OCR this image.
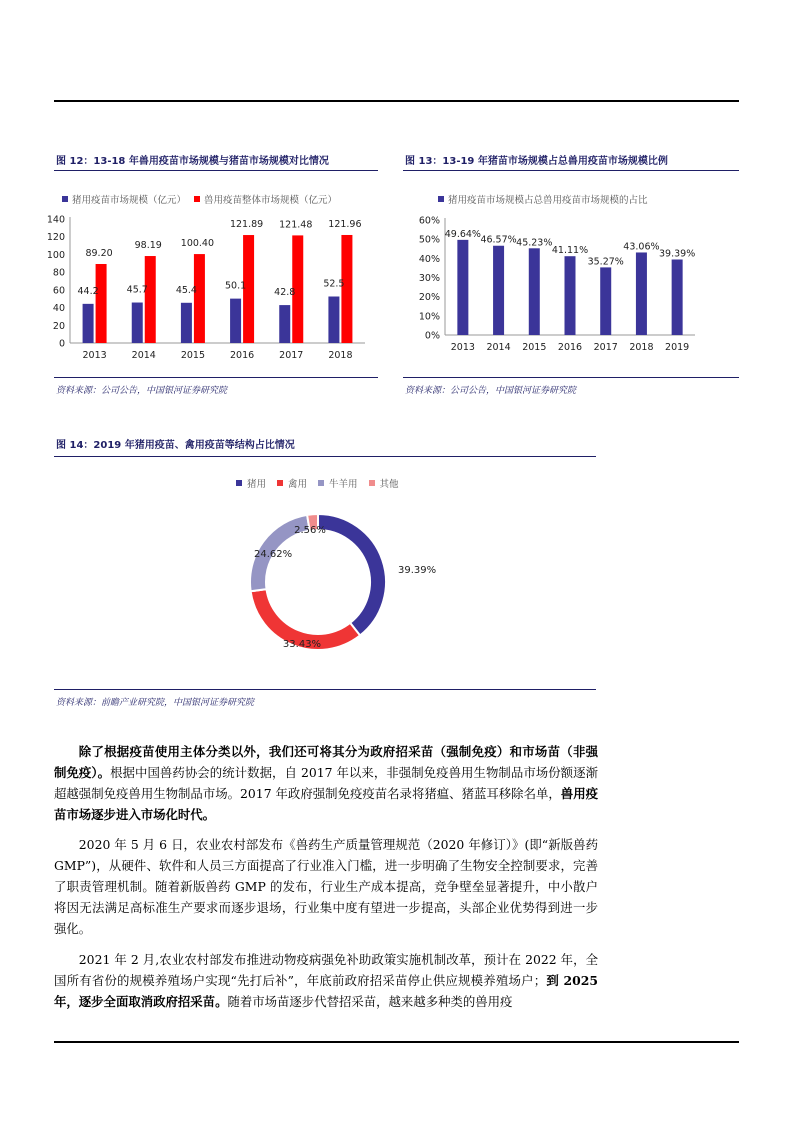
图 12：13-18 年兽用疫苗市场规模与猪苗市场规模对比情况
猪用疫苗市场规模（亿元） 兽用疫苗整体市场规模（亿元）
0
20
40
60
80
100
120
140
2013
44.2
89.20
2014
45.7
98.19
2015
45.4
100.40
2016
50.1
121.89
2017
42.8
121.48
2018
52.5
121.96
资料来源：公司公告，中国银河证券研究院
图 13：13-19 年猪苗市场规模占总兽用疫苗市场规模比例
猪用疫苗市场规模占总兽用疫苗市场规模的占比
0%
10%
20%
30%
40%
50%
60%
49.64%
2013
46.57%
2014
45.23%
2015
41.11%
2016
35.27%
2017
43.06%
2018
39.39%
2019
资料来源：公司公告，中国银河证券研究院
图 14：2019 年猪用疫苗、禽用疫苗等结构占比情况
猪用 禽用 牛羊用 其他
39.39%
33.43%
24.62%
2.56%
资料来源：前瞻产业研究院，中国银河证券研究院
除了根据疫苗使用主体分类以外，我们还可将其分为政府招采苗（强制免疫）和市场苗（非强制免疫）。根据中国兽药协会的统计数据，自 2017 年以来，非强制免疫兽用生物制品市场份额逐渐超越强制免疫兽用生物制品市场。2017 年政府强制免疫疫苗名录将猪瘟、猪蓝耳移除名单，兽用疫苗市场逐步进入市场化时代。
2020 年 5 月 6 日，农业农村部发布《兽药生产质量管理规范（2020 年修订）》(即“新版兽药 GMP”)，从硬件、软件和人员三方面提高了行业准入门槛，进一步明确了生物安全控制要求，完善了职责管理机制。随着新版兽药 GMP 的发布，行业生产成本提高，竞争壁垒显著提升，中小散户将因无法满足高标准生产要求而逐步退场，行业集中度有望进一步提高，头部企业优势得到进一步强化。
2021 年 2 月,农业农村部发布推进动物疫病强免补助政策实施机制改革，预计在 2022 年，全国所有省份的规模养殖场户实现“先打后补”，年底前政府招采苗停止供应规模养殖场户；到 2025 年，逐步全面取消政府招采苗。随着市场苗逐步代替招采苗，越来越多种类的兽用疫
